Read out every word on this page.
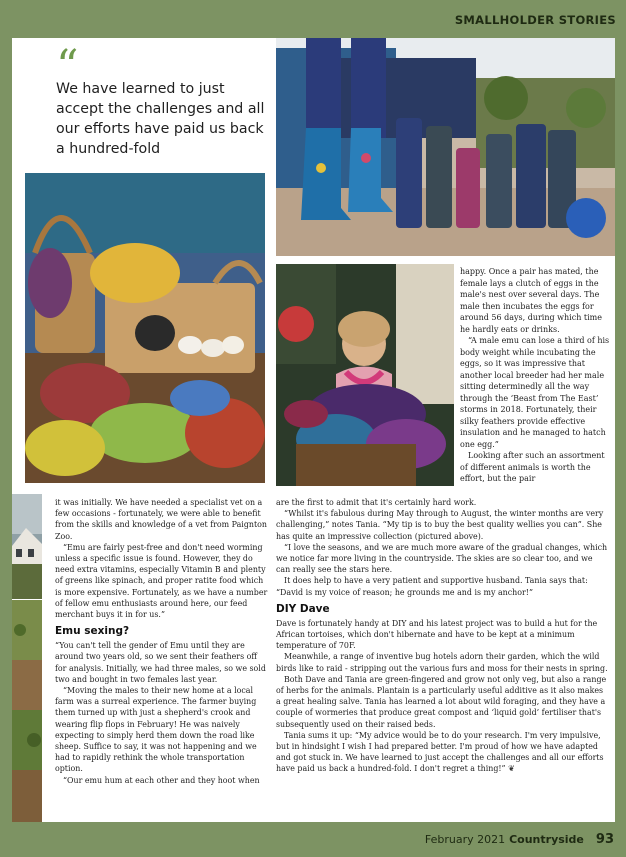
SMALLHOLDER STORIES
“
We have learned to just accept the challenges and all our efforts have paid us back a hundred-fold

happy. Once a pair has mated, the female lays a clutch of eggs in the male's nest over several days. The male then incubates the eggs for around 56 days, during which time he hardly eats or drinks.

“A male emu can lose a third of his body weight while incubating the eggs, so it was impressive that another local breeder had her male sitting determinedly all the way through the ‘Beast from The East’ storms in 2018. Fortunately, their silky feathers provide effective insulation and he managed to hatch one egg.”

Looking after such an assortment of different animals is worth the effort, but the pair

it was initially. We have needed a specialist vet on a few occasions - fortunately, we were able to benefit from the skills and knowledge of a vet from Paignton Zoo.

“Emu are fairly pest-free and don't need worming unless a specific issue is found. However, they do need extra vitamins, especially Vitamin B and plenty of greens like spinach, and proper ratite food which is more expensive. Fortunately, as we have a number of fellow emu enthusiasts around here, our feed merchant buys it in for us.”

Emu sexing?

“You can't tell the gender of Emu until they are around two years old, so we sent their feathers off for analysis. Initially, we had three males, so we sold two and bought in two females last year.

“Moving the males to their new home at a local farm was a surreal experience. The farmer buying them turned up with just a shepherd's crook and wearing flip flops in February! He was naively expecting to simply herd them down the road like sheep. Suffice to say, it was not happening and we had to rapidly rethink the whole transportation option.

“Our emu hum at each other and they hoot when

are the first to admit that it's certainly hard work.

“Whilst it's fabulous during May through to August, the winter months are very challenging,” notes Tania. “My tip is to buy the best quality wellies you can”. She has quite an impressive collection (pictured above).

“I love the seasons, and we are much more aware of the gradual changes, which we notice far more living in the countryside. The skies are so clear too, and we can really see the stars here.

It does help to have a very patient and supportive husband. Tania says that: “David is my voice of reason; he grounds me and is my anchor!”

DIY Dave

Dave is fortunately handy at DIY and his latest project was to build a hut for the African tortoises, which don't hibernate and have to be kept at a minimum temperature of 70F.

Meanwhile, a range of inventive bug hotels adorn their garden, which the wild birds like to raid - stripping out the various furs and moss for their nests in spring.

Both Dave and Tania are green-fingered and grow not only veg, but also a range of herbs for the animals. Plantain is a particularly useful additive as it also makes a great healing salve. Tania has learned a lot about wild foraging, and they have a couple of wormeries that produce great compost and ‘liquid gold’ fertiliser that's subsequently used on their raised beds.

Tania sums it up: “My advice would be to do your research. I'm very impulsive, but in hindsight I wish I had prepared better. I'm proud of how we have adapted and got stuck in. We have learned to just accept the challenges and all our efforts have paid us back a hundred-fold. I don't regret a thing!” ❦

February 2021 Countryside 93
